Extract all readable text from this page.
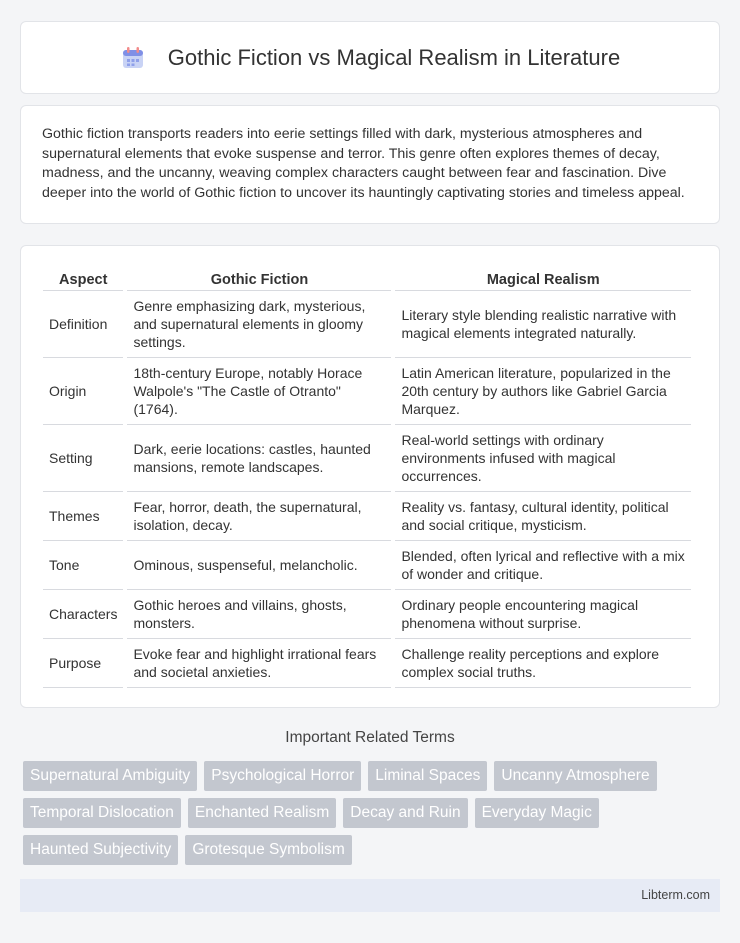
Gothic Fiction vs Magical Realism in Literature

Gothic fiction transports readers into eerie settings filled with dark, mysterious atmospheres and supernatural elements that evoke suspense and terror. This genre often explores themes of decay, madness, and the uncanny, weaving complex characters caught between fear and fascination. Dive deeper into the world of Gothic fiction to uncover its hauntingly captivating stories and timeless appeal.

Aspect	Gothic Fiction	Magical Realism
Definition	Genre emphasizing dark, mysterious, and supernatural elements in gloomy settings.	Literary style blending realistic narrative with magical elements integrated naturally.
Origin	18th-century Europe, notably Horace Walpole's "The Castle of Otranto" (1764).	Latin American literature, popularized in the 20th century by authors like Gabriel Garcia Marquez.
Setting	Dark, eerie locations: castles, haunted mansions, remote landscapes.	Real-world settings with ordinary environments infused with magical occurrences.
Themes	Fear, horror, death, the supernatural, isolation, decay.	Reality vs. fantasy, cultural identity, political and social critique, mysticism.
Tone	Ominous, suspenseful, melancholic.	Blended, often lyrical and reflective with a mix of wonder and critique.
Characters	Gothic heroes and villains, ghosts, monsters.	Ordinary people encountering magical phenomena without surprise.
Purpose	Evoke fear and highlight irrational fears and societal anxieties.	Challenge reality perceptions and explore complex social truths.
Important Related Terms
Supernatural Ambiguity	Psychological Horror	Liminal Spaces	Uncanny Atmosphere
Temporal Dislocation	Enchanted Realism	Decay and Ruin	Everyday Magic
Haunted Subjectivity	Grotesque Symbolism
Libterm.com
